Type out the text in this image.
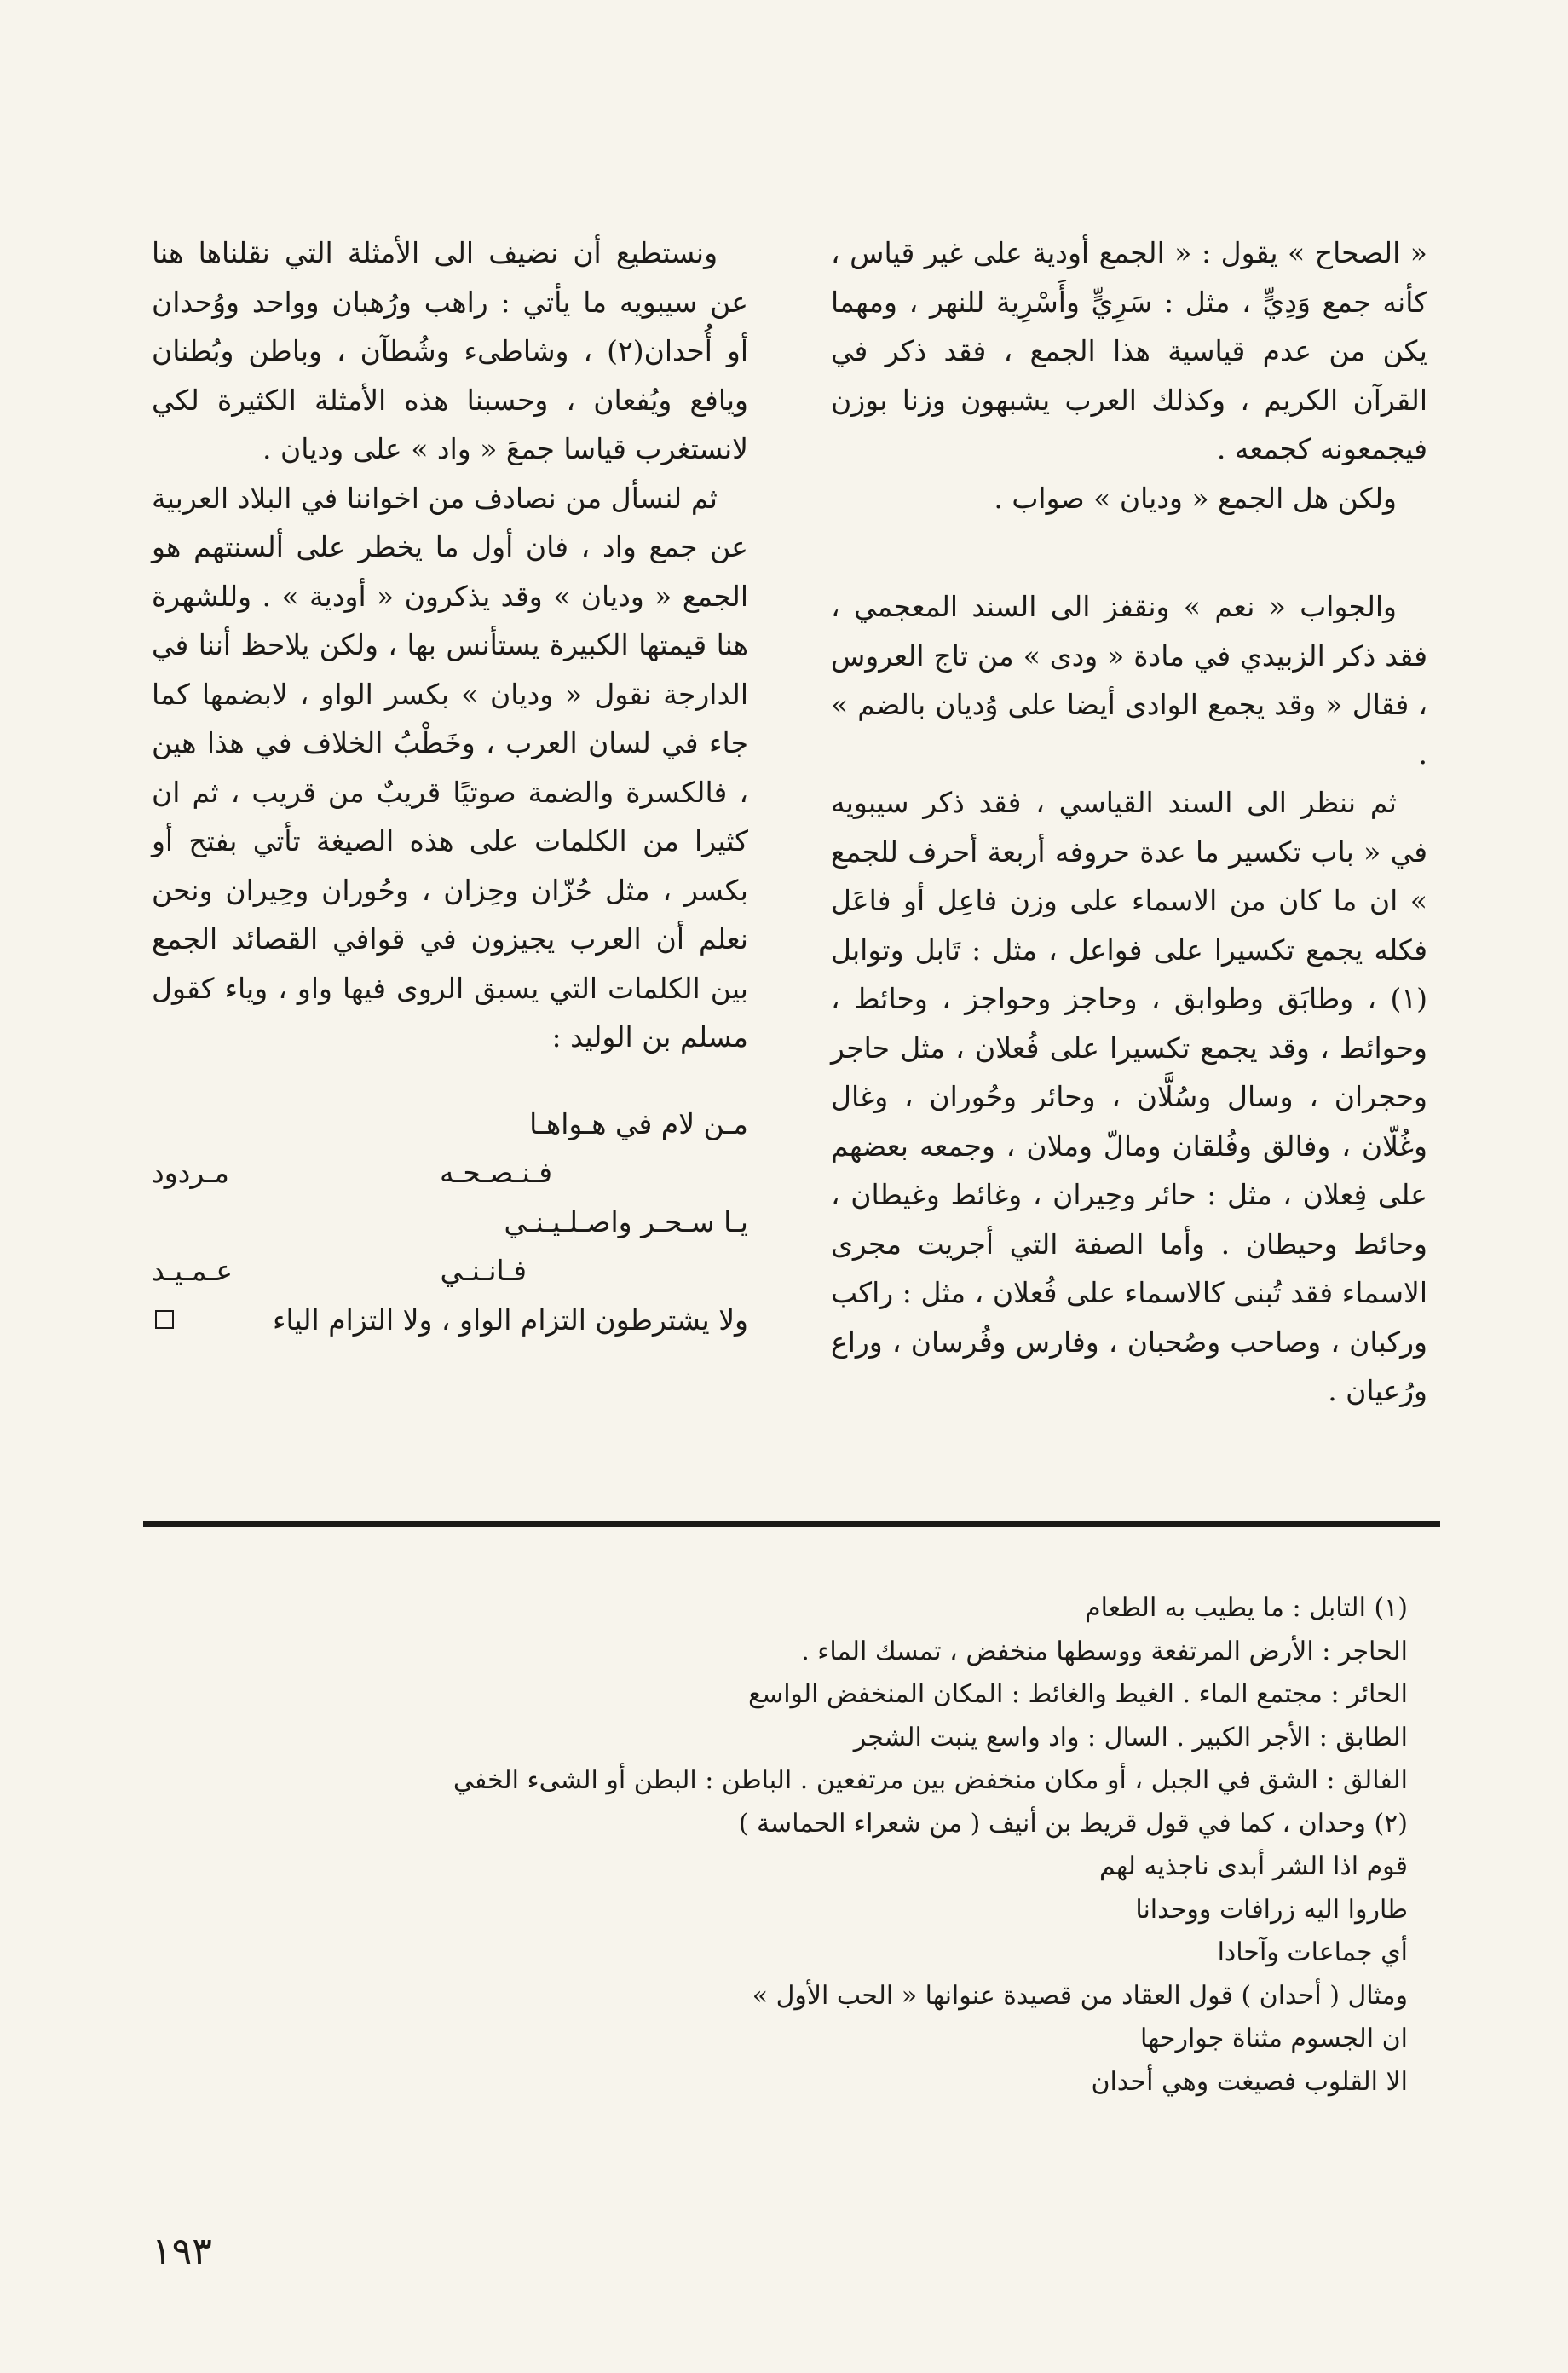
« الصحاح » يقول : « الجمع أودية على غير قياس ، كأنه جمع وَدِيٍّ ، مثل : سَرِيٍّ وأَسْرِية للنهر ، ومهما يكن من عدم قياسية هذا الجمع ، فقد ذكر في القرآن الكريم ، وكذلك العرب يشبهون وزنا بوزن فيجمعونه كجمعه .

ولكن هل الجمع « وديان » صواب .

والجواب « نعم » ونقفز الى السند المعجمي ، فقد ذكر الزبيدي في مادة « ودى » من تاج العروس ، فقال « وقد يجمع الوادى أيضا على وُديان بالضم » .

ثم ننظر الى السند القياسي ، فقد ذكر سيبويه في « باب تكسير ما عدة حروفه أربعة أحرف للجمع » ان ما كان من الاسماء على وزن فاعِل أو فاعَل فكله يجمع تكسيرا على فواعل ، مثل : تَابل وتوابل (١) ، وطابَق وطوابق ، وحاجز وحواجز ، وحائط ، وحوائط ، وقد يجمع تكسيرا على فُعلان ، مثل حاجر وحجران ، وسال وسُلَّان ، وحائر وحُوران ، وغال وغُلّان ، وفالق وفُلقان ومالّ وملان ، وجمعه بعضهم على فِعلان ، مثل : حائر وحِيران ، وغائط وغيطان ، وحائط وحيطان . وأما الصفة التي أجريت مجرى الاسماء فقد تُبنى كالاسماء على فُعلان ، مثل : راكب وركبان ، وصاحب وصُحبان ، وفارس وفُرسان ، وراع ورُعيان .

ونستطيع أن نضيف الى الأمثلة التي نقلناها هنا عن سيبويه ما يأتي : راهب ورُهبان وواحد ووُحدان أو أُحدان(٢) ، وشاطىء وشُطآن ، وباطن وبُطنان ويافع ويُفعان ، وحسبنا هذه الأمثلة الكثيرة لكي لانستغرب قياسا جمعَ « واد » على وديان .

ثم لنسأل من نصادف من اخواننا في البلاد العربية عن جمع واد ، فان أول ما يخطر على ألسنتهم هو الجمع « وديان » وقد يذكرون « أودية » . وللشهرة هنا قيمتها الكبيرة يستأنس بها ، ولكن يلاحظ أننا في الدارجة نقول « وديان » بكسر الواو ، لابضمها كما جاء في لسان العرب ، وخَطْبُ الخلاف في هذا هين ، فالكسرة والضمة صوتيًا قريبٌ من قريب ، ثم ان كثيرا من الكلمات على هذه الصيغة تأتي بفتح أو بكسر ، مثل حُزّان وحِزان ، وحُوران وحِيران ونحن نعلم أن العرب يجيزون في قوافي القصائد الجمع بين الكلمات التي يسبق الروى فيها واو ، وياء كقول مسلم بن الوليد :

مـن لام في هـواهـا
فـنـصـحـه
مـردود
يـا سـحـر واصـلـيـنـي
فـانـنـي
عـمـيـد
ولا يشترطون التزام الواو ، ولا التزام الياء
(١) التابل : ما يطيب به الطعام
الحاجر : الأرض المرتفعة ووسطها منخفض ، تمسك الماء .
الحائر : مجتمع الماء . الغيط والغائط : المكان المنخفض الواسع
الطابق : الأجر الكبير . السال : واد واسع ينبت الشجر
الفالق : الشق في الجبل ، أو مكان منخفض بين مرتفعين . الباطن : البطن أو الشىء الخفي
(٢) وحدان ، كما في قول قريط بن أنيف ( من شعراء الحماسة )
قوم اذا الشر أبدى ناجذيه لهم
طاروا اليه زرافات ووحدانا
أي جماعات وآحادا
ومثال ( أحدان ) قول العقاد من قصيدة عنوانها « الحب الأول »
ان الجسوم مثناة جوارحها
الا القلوب فصيغت وهي أحدان
١٩٣
